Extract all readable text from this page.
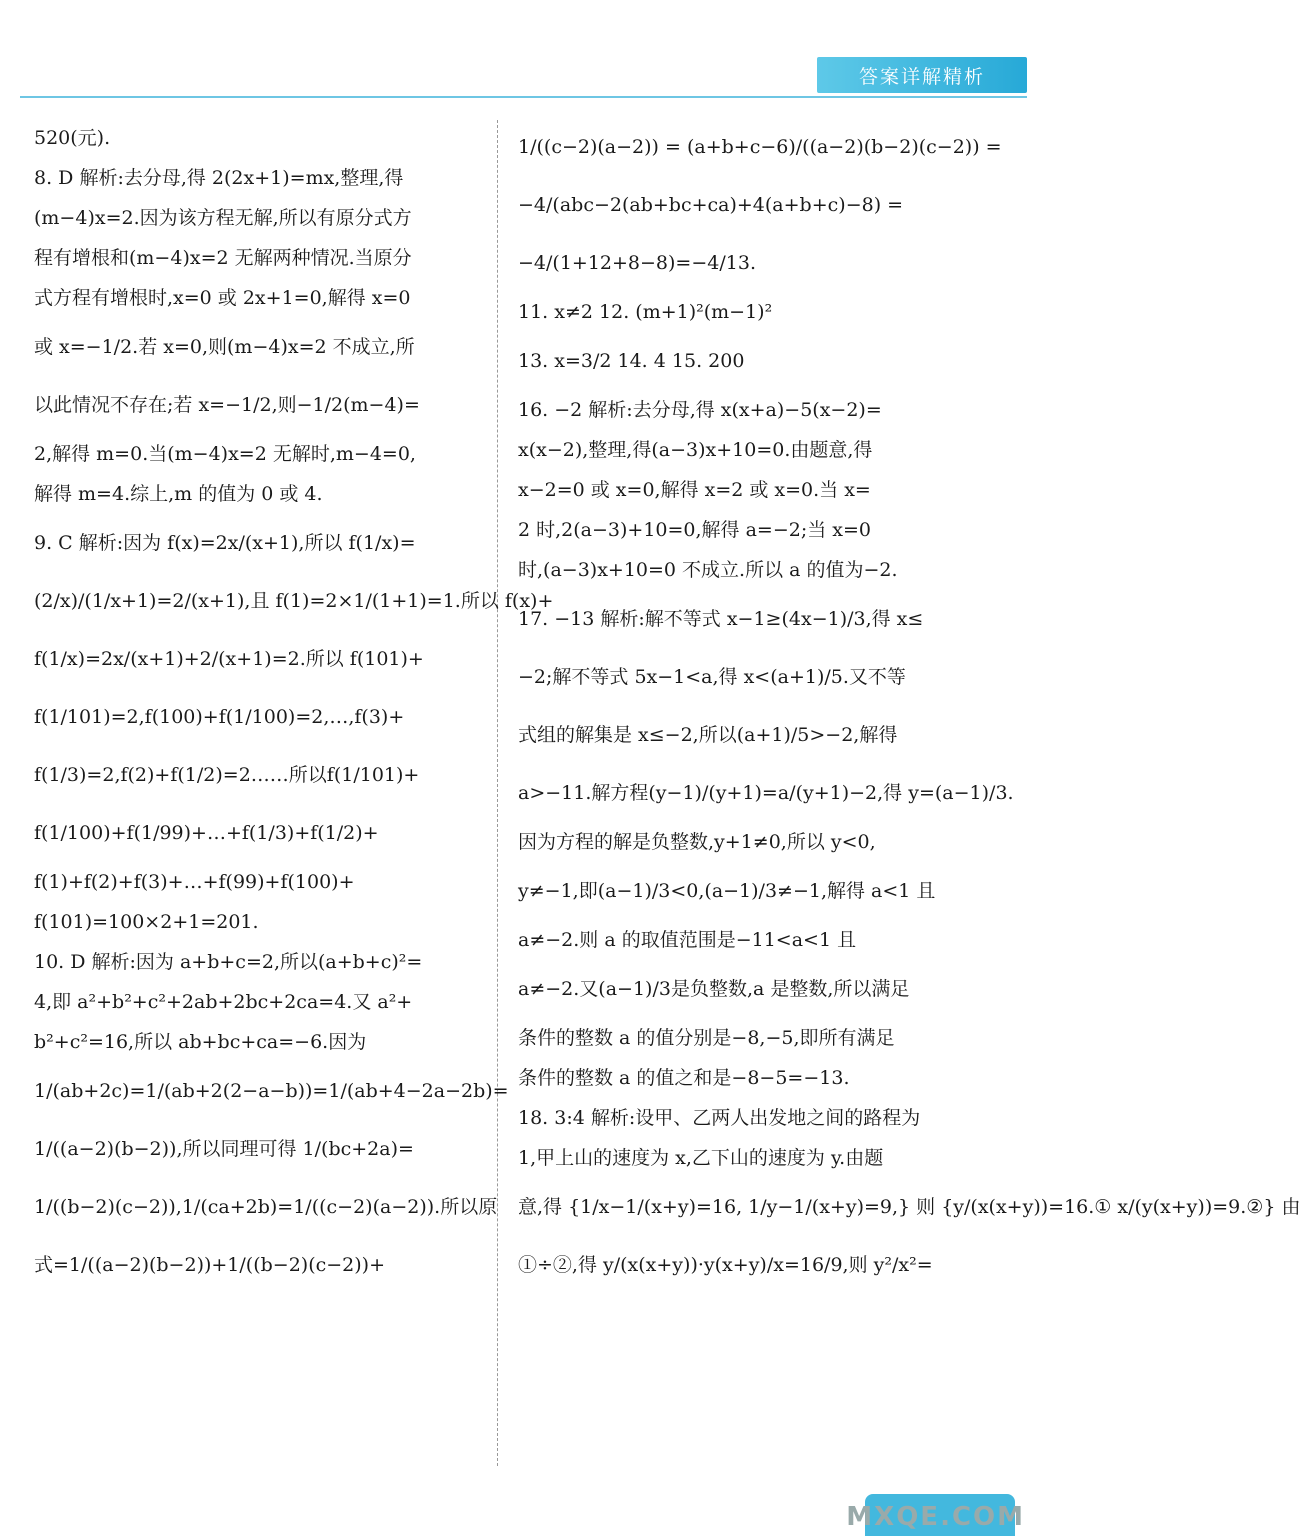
答案详解精析
520(元).
8. D 解析:去分母,得 2(2x+1)=mx,整理,得
(m−4)x=2.因为该方程无解,所以有原分式方
程有增根和(m−4)x=2 无解两种情况.当原分
式方程有增根时,x=0 或 2x+1=0,解得 x=0
或 x=−1/2.若 x=0,则(m−4)x=2 不成立,所
以此情况不存在;若 x=−1/2,则−1/2(m−4)=
2,解得 m=0.当(m−4)x=2 无解时,m−4=0,
解得 m=4.综上,m 的值为 0 或 4.
9. C 解析:因为 f(x)=2x/(x+1),所以 f(1/x)=
(2/x)/(1/x+1)=2/(x+1),且 f(1)=2×1/(1+1)=1.所以 f(x)+
f(1/x)=2x/(x+1)+2/(x+1)=2.所以 f(101)+
f(1/101)=2,f(100)+f(1/100)=2,…,f(3)+
f(1/3)=2,f(2)+f(1/2)=2……所以f(1/101)+
f(1/100)+f(1/99)+…+f(1/3)+f(1/2)+
f(1)+f(2)+f(3)+…+f(99)+f(100)+
f(101)=100×2+1=201.
10. D 解析:因为 a+b+c=2,所以(a+b+c)²=
4,即 a²+b²+c²+2ab+2bc+2ca=4.又 a²+
b²+c²=16,所以 ab+bc+ca=−6.因为
1/(ab+2c)=1/(ab+2(2−a−b))=1/(ab+4−2a−2b)=
1/((a−2)(b−2)),所以同理可得 1/(bc+2a)=
1/((b−2)(c−2)),1/(ca+2b)=1/((c−2)(a−2)).所以原
式=1/((a−2)(b−2))+1/((b−2)(c−2))+
1/((c−2)(a−2)) = (a+b+c−6)/((a−2)(b−2)(c−2)) =
−4/(abc−2(ab+bc+ca)+4(a+b+c)−8) =
−4/(1+12+8−8)=−4/13.
11. x≠2 12. (m+1)²(m−1)²
13. x=3/2 14. 4 15. 200
16. −2 解析:去分母,得 x(x+a)−5(x−2)=
x(x−2),整理,得(a−3)x+10=0.由题意,得
x−2=0 或 x=0,解得 x=2 或 x=0.当 x=
2 时,2(a−3)+10=0,解得 a=−2;当 x=0
时,(a−3)x+10=0 不成立.所以 a 的值为−2.
17. −13 解析:解不等式 x−1≥(4x−1)/3,得 x≤
−2;解不等式 5x−1<a,得 x<(a+1)/5.又不等
式组的解集是 x≤−2,所以(a+1)/5>−2,解得
a>−11.解方程(y−1)/(y+1)=a/(y+1)−2,得 y=(a−1)/3.
因为方程的解是负整数,y+1≠0,所以 y<0,
y≠−1,即(a−1)/3<0,(a−1)/3≠−1,解得 a<1 且
a≠−2.则 a 的取值范围是−11<a<1 且
a≠−2.又(a−1)/3是负整数,a 是整数,所以满足
条件的整数 a 的值分别是−8,−5,即所有满足
条件的整数 a 的值之和是−8−5=−13.
18. 3:4 解析:设甲、乙两人出发地之间的路程为
1,甲上山的速度为 x,乙下山的速度为 y.由题
意,得 {1/x−1/(x+y)=16, 1/y−1/(x+y)=9,} 则 {y/(x(x+y))=16.① x/(y(x+y))=9.②} 由
①÷②,得 y/(x(x+y))·y(x+y)/x=16/9,则 y²/x²=
MXQE.COM
